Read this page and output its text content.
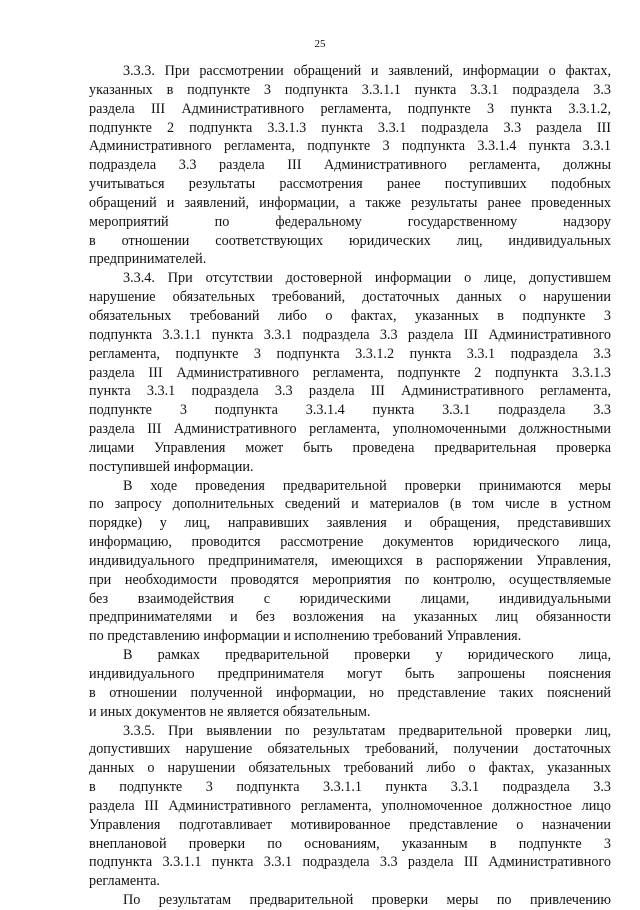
25
3.3.3. При рассмотрении обращений и заявлений, информации о фактах,
указанных в подпункте 3 подпункта 3.3.1.1 пункта 3.3.1 подраздела 3.3
раздела III Административного регламента, подпункте 3 пункта 3.3.1.2,
подпункте 2 подпункта 3.3.1.3 пункта 3.3.1 подраздела 3.3 раздела III
Административного регламента, подпункте 3 подпункта 3.3.1.4 пункта 3.3.1
подраздела 3.3 раздела III Административного регламента, должны
учитываться результаты рассмотрения ранее поступивших подобных
обращений и заявлений, информации, а также результаты ранее проведенных
мероприятий по федеральному государственному надзору
в отношении соответствующих юридических лиц, индивидуальных
предпринимателей.
3.3.4. При отсутствии достоверной информации о лице, допустившем
нарушение обязательных требований, достаточных данных о нарушении
обязательных требований либо о фактах, указанных в подпункте 3
подпункта 3.3.1.1 пункта 3.3.1 подраздела 3.3 раздела III Административного
регламента, подпункте 3 подпункта 3.3.1.2 пункта 3.3.1 подраздела 3.3
раздела III Административного регламента, подпункте 2 подпункта 3.3.1.3
пункта 3.3.1 подраздела 3.3 раздела III Административного регламента,
подпункте 3 подпункта 3.3.1.4 пункта 3.3.1 подраздела 3.3
раздела III Административного регламента, уполномоченными должностными
лицами Управления может быть проведена предварительная проверка
поступившей информации.
В ходе проведения предварительной проверки принимаются меры
по запросу дополнительных сведений и материалов (в том числе в устном
порядке) у лиц, направивших заявления и обращения, представивших
информацию, проводится рассмотрение документов юридического лица,
индивидуального предпринимателя, имеющихся в распоряжении Управления,
при необходимости проводятся мероприятия по контролю, осуществляемые
без взаимодействия с юридическими лицами, индивидуальными
предпринимателями и без возложения на указанных лиц обязанности
по представлению информации и исполнению требований Управления.
В рамках предварительной проверки у юридического лица,
индивидуального предпринимателя могут быть запрошены пояснения
в отношении полученной информации, но представление таких пояснений
и иных документов не является обязательным.
3.3.5. При выявлении по результатам предварительной проверки лиц,
допустивших нарушение обязательных требований, получении достаточных
данных о нарушении обязательных требований либо о фактах, указанных
в подпункте 3 подпункта 3.3.1.1 пункта 3.3.1 подраздела 3.3
раздела III Административного регламента, уполномоченное должностное лицо
Управления подготавливает мотивированное представление о назначении
внеплановой проверки по основаниям, указанным в подпункте 3
подпункта 3.3.1.1 пункта 3.3.1 подраздела 3.3 раздела III Административного
регламента.
По результатам предварительной проверки меры по привлечению
